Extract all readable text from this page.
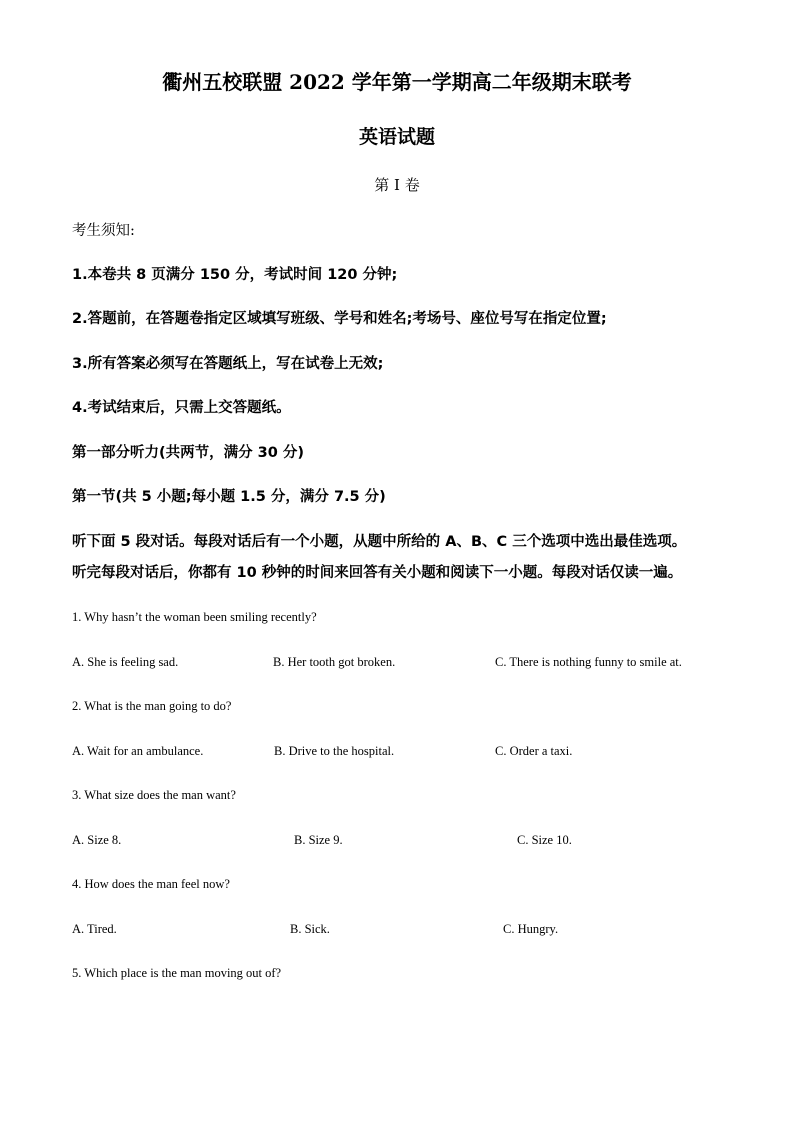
衢州五校联盟 2022 学年第一学期高二年级期末联考
英语试题
第 I 卷
考生须知:
1.本卷共 8 页满分 150 分，考试时间 120 分钟;
2.答题前，在答题卷指定区域填写班级、学号和姓名;考场号、座位号写在指定位置;
3.所有答案必须写在答题纸上，写在试卷上无效;
4.考试结束后，只需上交答题纸。
第一部分听力(共两节，满分 30 分)
第一节(共 5 小题;每小题 1.5 分，满分 7.5 分)
听下面 5 段对话。每段对话后有一个小题，从题中所给的 A、B、C 三个选项中选出最佳选项。
听完每段对话后，你都有 10 秒钟的时间来回答有关小题和阅读下一小题。每段对话仅读一遍。
1. Why hasn’t the woman been smiling recently?
A. She is feeling sad.	B. Her tooth got broken.	C. There is nothing funny to smile at.
2. What is the man going to do?
A. Wait for an ambulance.	B. Drive to the hospital.	C. Order a taxi.
3. What size does the man want?
A. Size 8.	B. Size 9.	C. Size 10.
4. How does the man feel now?
A. Tired.	B. Sick.	C. Hungry.
5. Which place is the man moving out of?
